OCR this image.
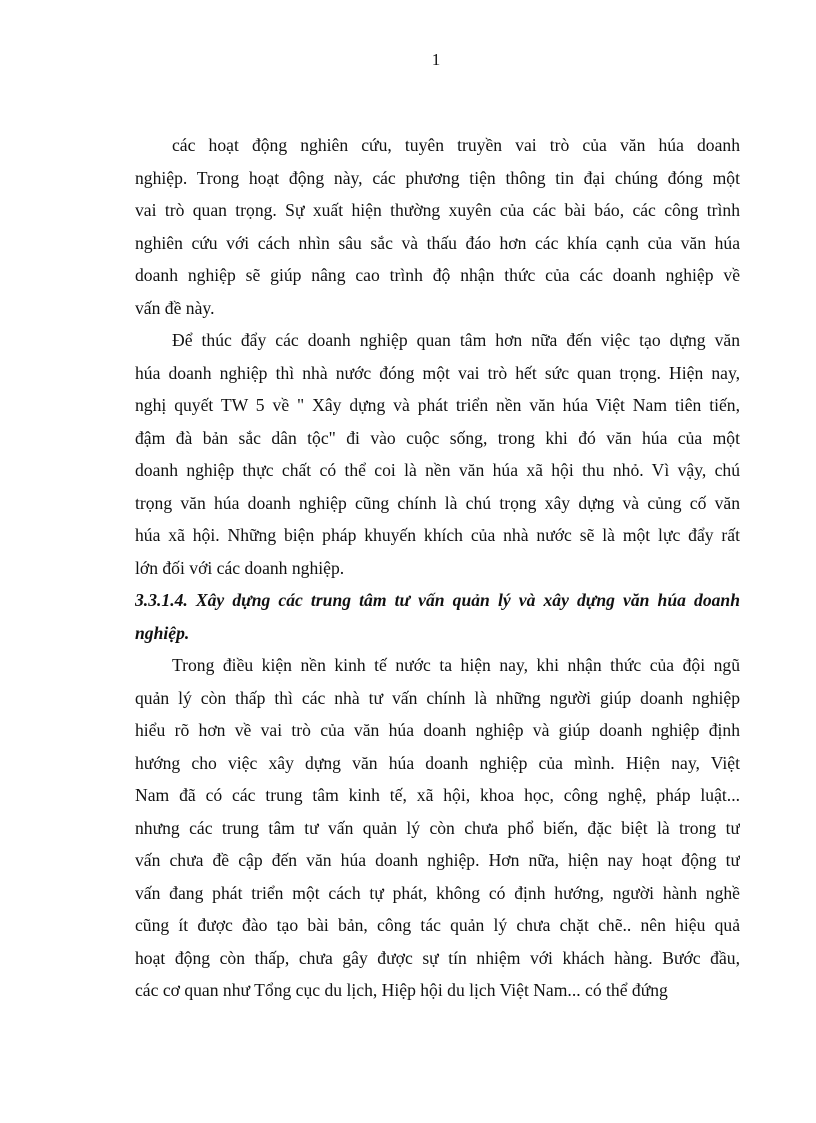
1
các hoạt động nghiên cứu, tuyên truyền vai trò của văn húa doanh
nghiệp. Trong hoạt động này, các phương tiện thông tin đại chúng đóng một
vai trò quan trọng. Sự xuất hiện thường xuyên của các bài báo, các công trình
nghiên cứu với cách nhìn sâu sắc và thấu đáo hơn các khía cạnh của văn húa
doanh nghiệp sẽ giúp nâng cao trình độ nhận thức của các doanh nghiệp về
vấn đề này.
Để thúc đẩy các doanh nghiệp quan tâm hơn nữa đến việc tạo dựng văn
húa doanh nghiệp thì nhà nước đóng một vai trò hết sức quan trọng. Hiện nay,
nghị quyết TW 5 về " Xây dựng và phát triển nền văn húa Việt Nam tiên tiến,
đậm đà bản sắc dân tộc" đi vào cuộc sống, trong khi đó văn húa của một
doanh nghiệp thực chất có thể coi là nền văn húa xã hội thu nhỏ. Vì vậy, chú
trọng văn húa doanh nghiệp cũng chính là chú trọng xây dựng và củng cố văn
húa xã hội. Những biện pháp khuyến khích của nhà nước sẽ là một lực đẩy rất
lớn đối với các doanh nghiệp.
3.3.1.4. Xây dựng các trung tâm tư vấn quản lý và xây dựng văn húa doanh
nghiệp.
Trong điều kiện nền kinh tế nước ta hiện nay, khi nhận thức của đội ngũ
quản lý còn thấp thì các nhà tư vấn chính là những người giúp doanh nghiệp
hiểu rõ hơn về vai trò của văn húa doanh nghiệp và giúp doanh nghiệp định
hướng cho việc xây dựng văn húa doanh nghiệp của mình. Hiện nay, Việt
Nam đã có các trung tâm kinh tế, xã hội, khoa học, công nghệ, pháp luật...
nhưng các trung tâm tư vấn quản lý còn chưa phổ biến, đặc biệt là trong tư
vấn chưa đề cập đến văn húa doanh nghiệp. Hơn nữa, hiện nay hoạt động tư
vấn đang phát triển một cách tự phát, không có định hướng, người hành nghề
cũng ít được đào tạo bài bản, công tác quản lý chưa chặt chẽ.. nên hiệu quả
hoạt động còn thấp, chưa gây được sự tín nhiệm với khách hàng. Bước đầu,
các cơ quan như Tổng cục du lịch, Hiệp hội du lịch Việt Nam... có thể đứng
